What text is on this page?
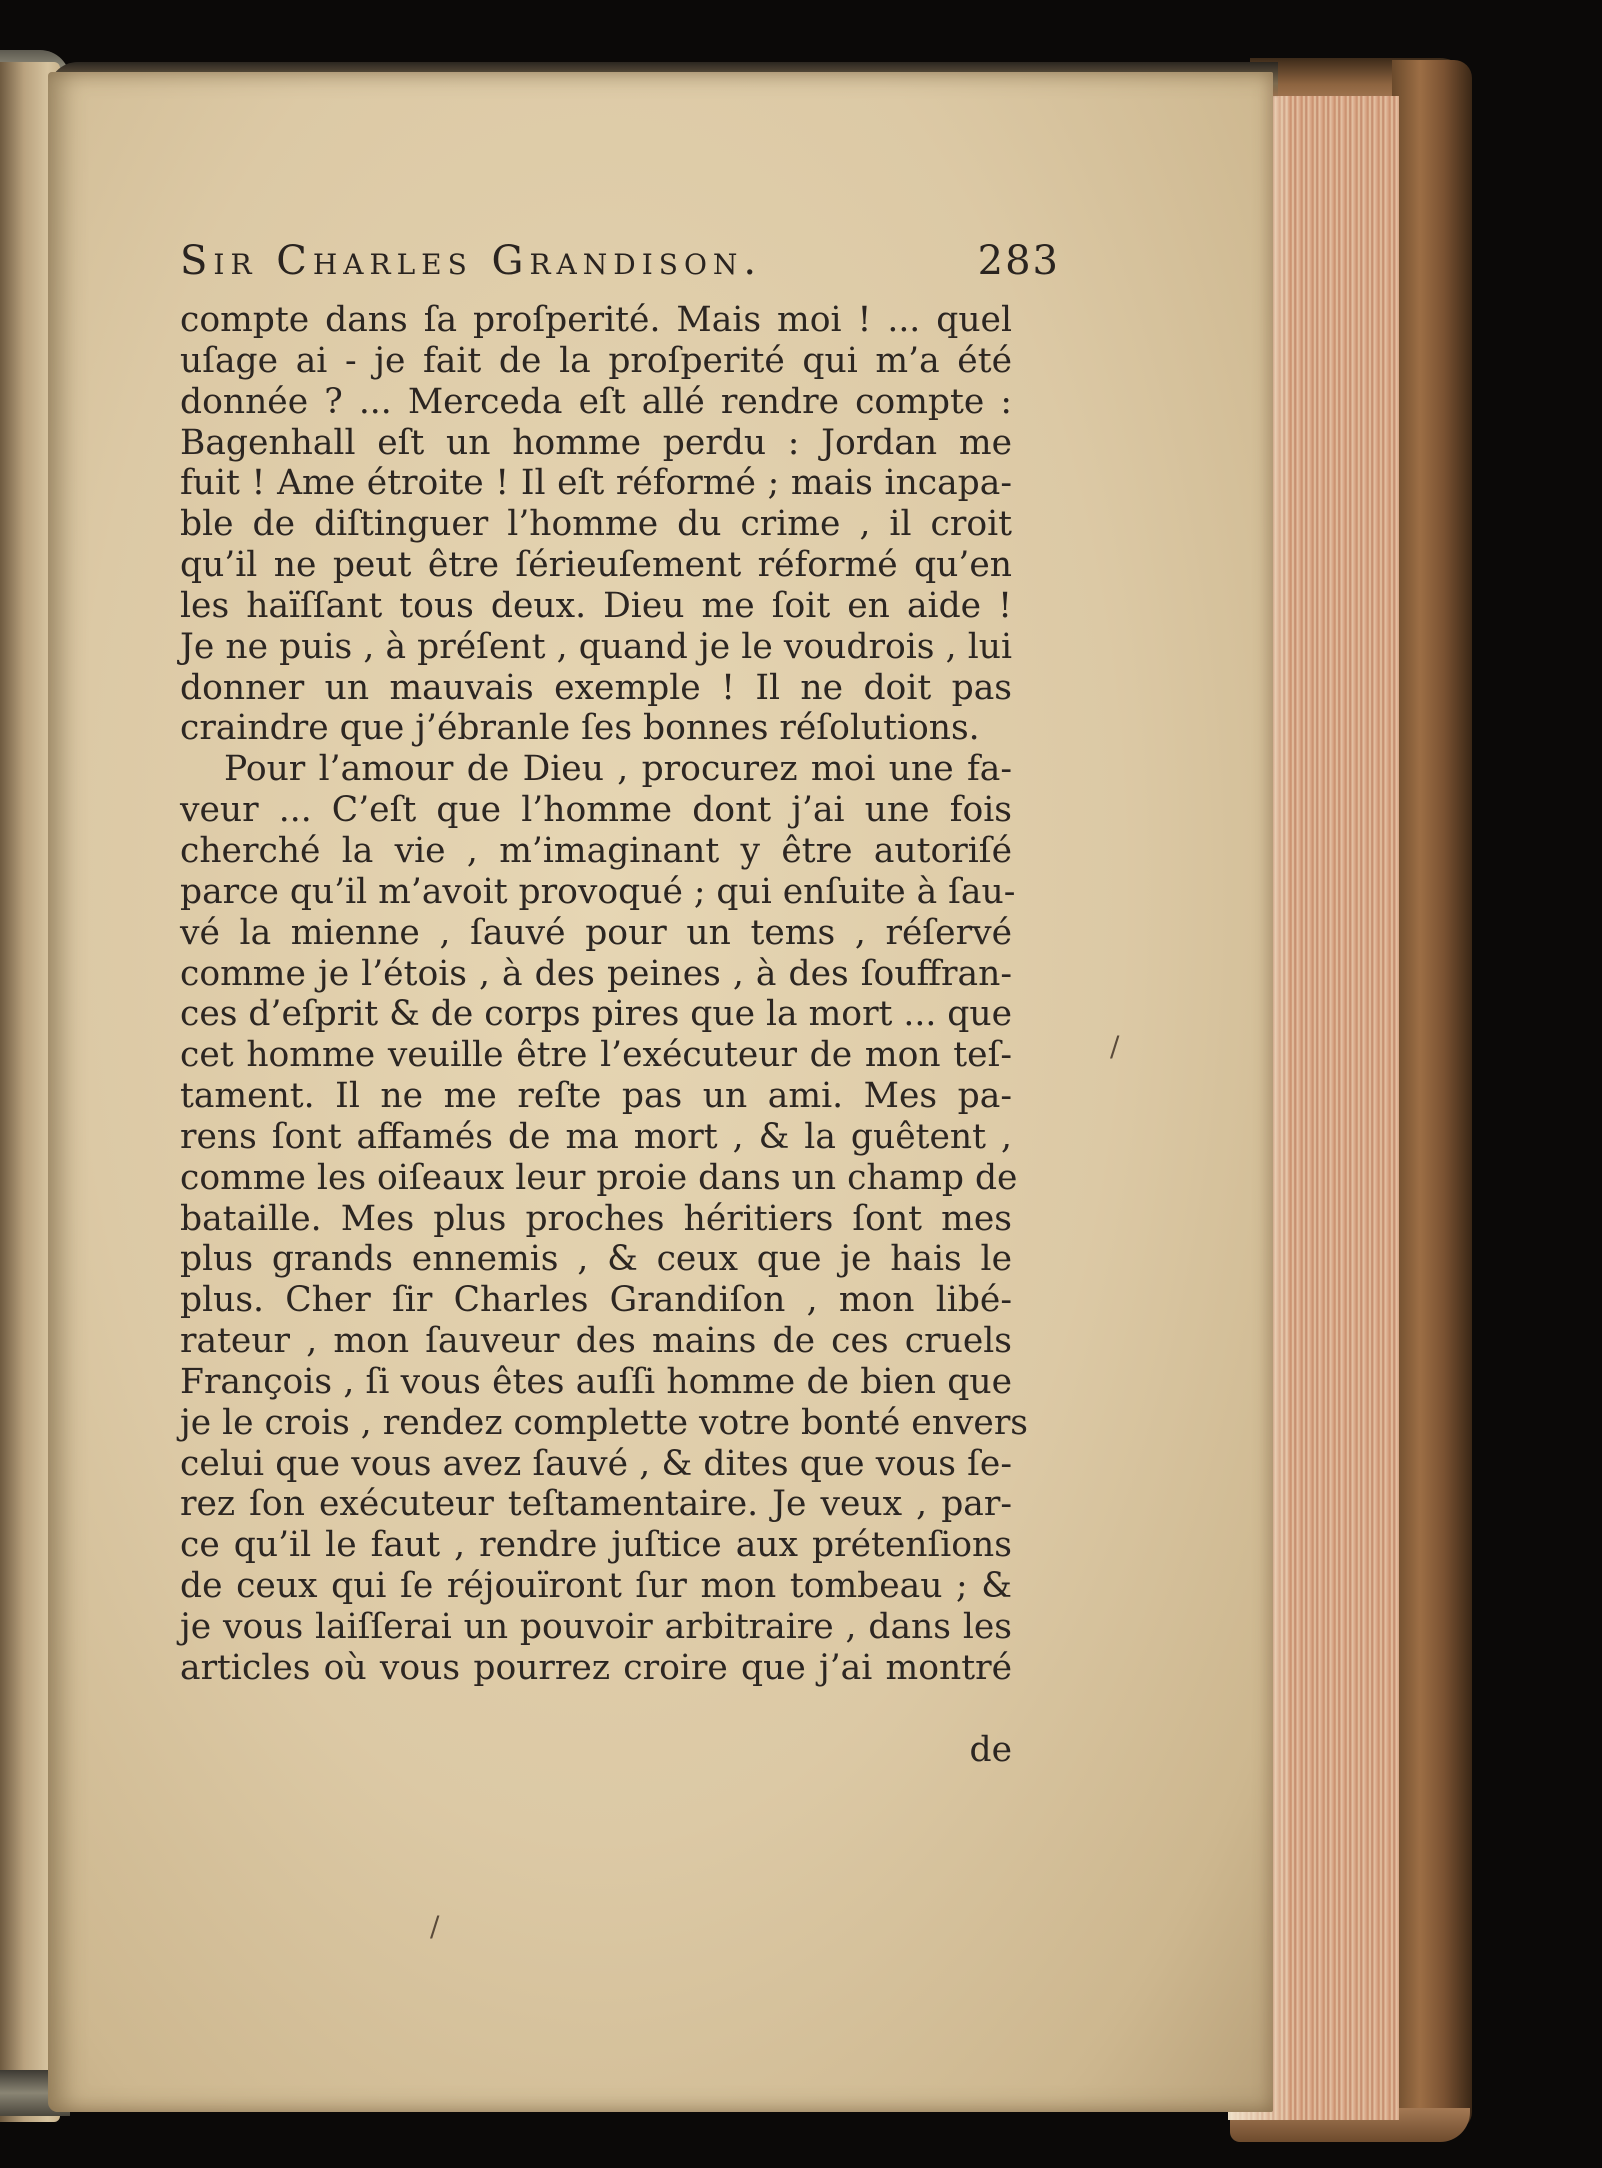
Sir Charles Grandison.	283
compte dans ſa proſperité. Mais moi ! ... quel
uſage ai - je fait de la proſperité qui m’a été
donnée ? ... Merceda eſt allé rendre compte :
Bagenhall eſt un homme perdu : Jordan me
fuit ! Ame étroite ! Il eſt réformé ; mais incapa-
ble de diſtinguer l’homme du crime , il croit
qu’il ne peut être ſérieuſement réformé qu’en
les haïſſant tous deux. Dieu me ſoit en aide !
Je ne puis , à préſent , quand je le voudrois , lui
donner un mauvais exemple ! Il ne doit pas
craindre que j’ébranle ſes bonnes réſolutions.
Pour l’amour de Dieu , procurez moi une fa-
veur ... C’eſt que l’homme dont j’ai une fois
cherché la vie , m’imaginant y être autoriſé
parce qu’il m’avoit provoqué ; qui enſuite à ſau-
vé la mienne , ſauvé pour un tems , réſervé
comme je l’étois , à des peines , à des ſouffran-
ces d’eſprit & de corps pires que la mort ... que
cet homme veuille être l’exécuteur de mon teſ-
tament. Il ne me reſte pas un ami. Mes pa-
rens ſont affamés de ma mort , & la guêtent ,
comme les oiſeaux leur proie dans un champ de
bataille. Mes plus proches héritiers ſont mes
plus grands ennemis , & ceux que je hais le
plus. Cher ſir Charles Grandiſon , mon libé-
rateur , mon ſauveur des mains de ces cruels
François , ſi vous êtes auſſi homme de bien que
je le crois , rendez complette votre bonté envers
celui que vous avez ſauvé , & dites que vous ſe-
rez ſon exécuteur teſtamentaire. Je veux , par-
ce qu’il le faut , rendre juſtice aux prétenſions
de ceux qui ſe réjouïront ſur mon tombeau ; &
je vous laiſſerai un pouvoir arbitraire , dans les
articles où vous pourrez croire que j’ai montré
de
/
/
